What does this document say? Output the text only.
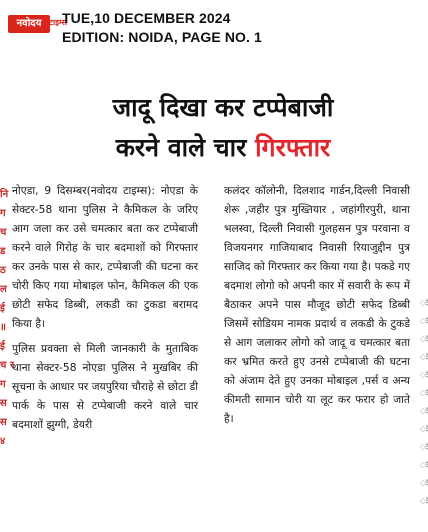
नवोदय टाइम्स
TUE,10 DECEMBER 2024
EDITION: NOIDA, PAGE NO. 1
नि ग च ड ठ ल ई ॥ ई च र ग स स ४
ः ः ः ः ः ः ः ः ः ः ः ः
जादू दिखा कर टप्पेबाजी
करने वाले चार गिरफ्तार

नोएडा, 9 दिसम्बर(नवोदय टाइम्स): नोएडा के सेक्टर-58 थाना पुलिस ने कैमिकल के जरिए आग जला कर उसे चमत्कार बता कर टप्पेबाजी करने वाले गिरोह के चार बदमाशों को गिरफ्तार कर उनके पास से कार, टप्पेबाजी की घटना कर चोरी किए गया मोबाइल फोन, कैमिकल की एक छोटी सफेद डिब्बी, लकडी का टुकडा बरामद किया है।

पुलिस प्रवक्ता से मिली जानकारी के मुताबिक थाना सेक्टर-58 नोएडा पुलिस ने मुखबिर की सूचना के आधार पर जयपुरिया चौराहे से छोटा डी पार्क के पास से टप्पेबाजी करने वाले चार बदमाशों झुग्गी, डेयरी

कलंदर कॉलोनी, दिलशाद गार्डन,दिल्ली निवासी शेरू ,जहीर पुत्र मुख्तियार , जहांगीरपुरी, थाना भलस्वा, दिल्ली निवासी गुलहसन पुत्र परवाना व विजयनगर गाजियाबाद निवासी रियाजुद्दीन पुत्र साजिद को गिरफ्तार कर किया गया है। पकडे गए बदमाश लोगो को अपनी कार में सवारी के रूप में बैठाकर अपने पास मौजूद छोटी सफेद डिब्बी जिसमें सोडियम नामक प्रदार्थ व लकडी के टुकडे से आग जलाकर लोगो को जादू व चमत्कार बता कर भ्रमित करते हुए उनसे टप्पेबाजी की घटना को अंजाम देते हुए उनका मोबाइल ,पर्स व अन्य कीमती सामान चोरी या लूट कर फरार हो जाते है।
